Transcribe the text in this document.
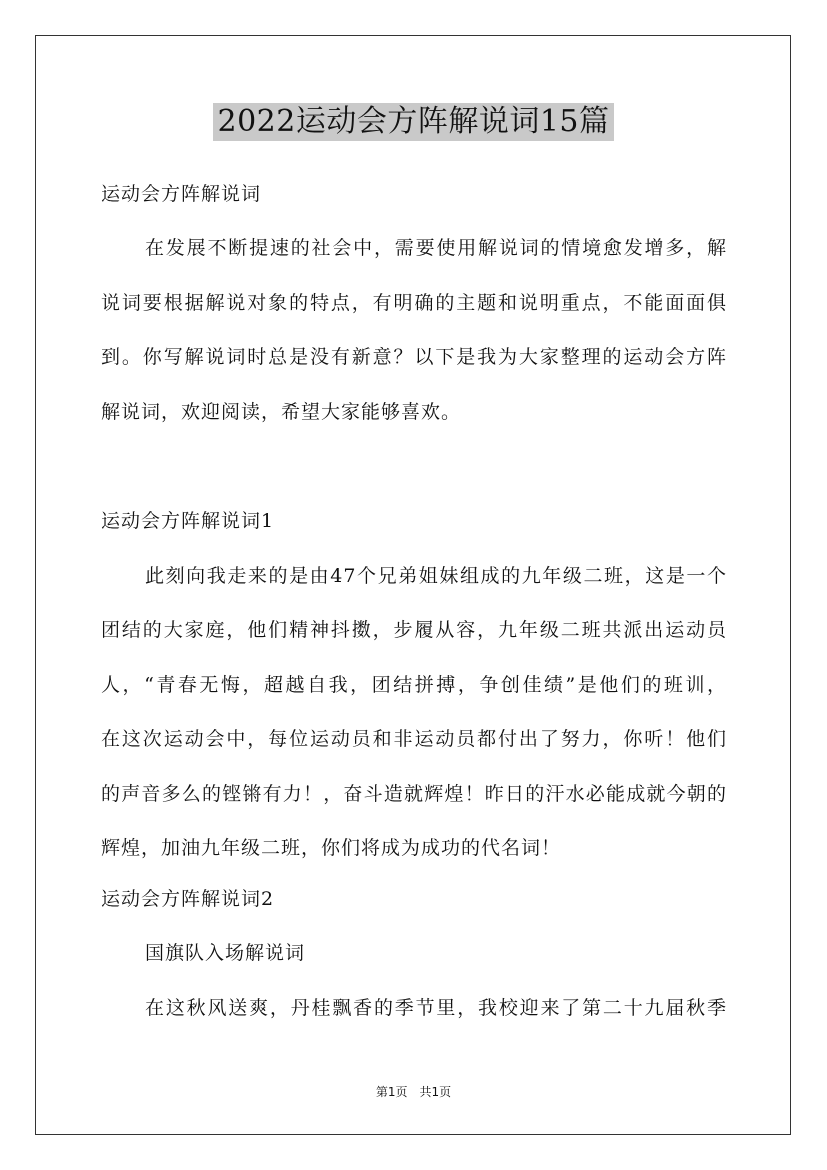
2022运动会方阵解说词15篇
运动会方阵解说词
在发展不断提速的社会中，需要使用解说词的情境愈发增多，解
说词要根据解说对象的特点，有明确的主题和说明重点，不能面面俱
到。你写解说词时总是没有新意？以下是我为大家整理的运动会方阵
解说词，欢迎阅读，希望大家能够喜欢。
运动会方阵解说词1
此刻向我走来的是由47个兄弟姐妹组成的九年级二班，这是一个
团结的大家庭，他们精神抖擞，步履从容，九年级二班共派出运动员
人，“青春无悔，超越自我，团结拼搏，争创佳绩”是他们的班训，
在这次运动会中，每位运动员和非运动员都付出了努力，你听！他们
的声音多么的铿锵有力！，奋斗造就辉煌！昨日的汗水必能成就今朝的
辉煌，加油九年级二班，你们将成为成功的代名词！
运动会方阵解说词2
国旗队入场解说词
在这秋风送爽，丹桂飘香的季节里，我校迎来了第二十九届秋季
第1页　共1页
